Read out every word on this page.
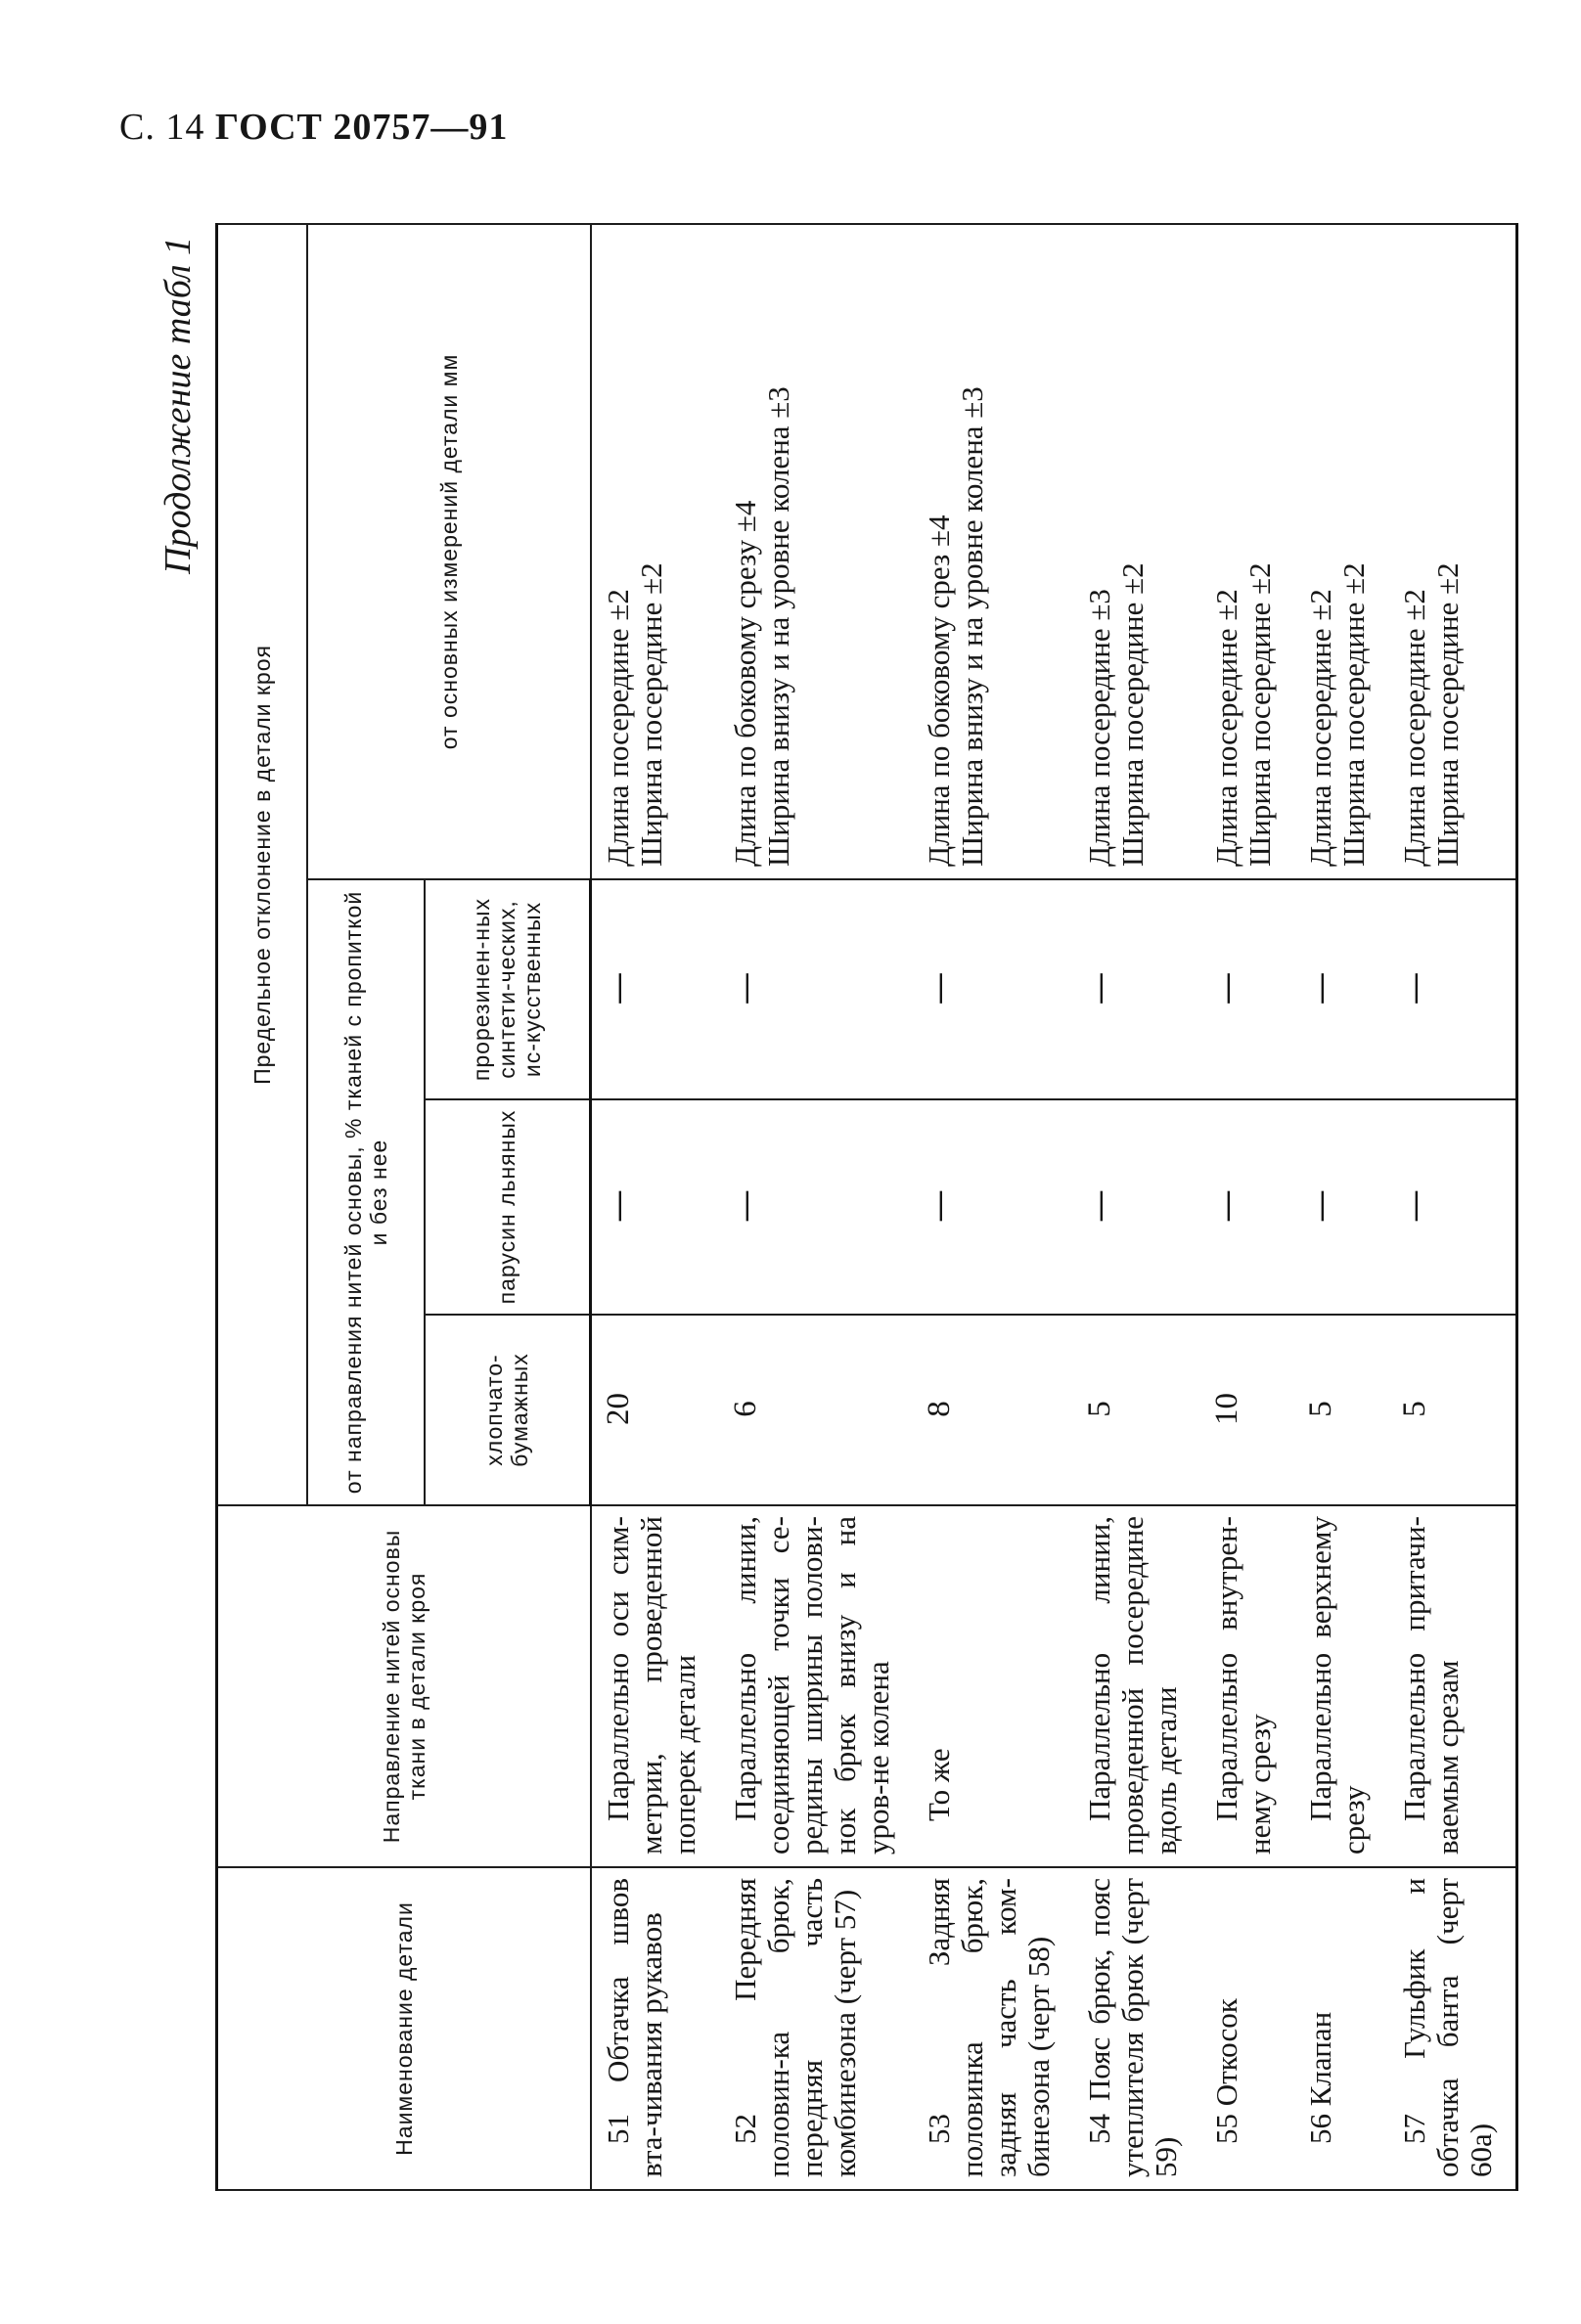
С. 14 ГОСТ 20757—91
Продолжение табл 1
Наименование детали	Направление нитей основы ткани в детали кроя	Предельное отклонение в детали кроя			
		от направления нитей основы, % тканей с пропиткой и без нее			от основных измерений детали мм
		хлопчато-бумажных	парусин льняных	прорезинен-ных синтети-ческих, ис-кусственных	
51 Обтачка швов вта-чивания рукавов	Параллельно оси сим-метрии, проведенной поперек детали	20	—	—	Длина посередине ±2 Ширина посередине ±2

52 Передняя половин-ка брюк, передняя часть комбинезона (черт 57)	Параллельно линии, соединяющей точки се-редины ширины полови-нок брюк внизу и на уров-не колена	6	—	—	Длина по боковому срезу ±4 Ширина внизу и на уровне колена ±3

53 Задняя половинка брюк, задняя часть ком-бинезона (черт 58)	То же	8	—	—	Длина по боковому срез ±4 Ширина внизу и на уровне колена ±3

54 Пояс брюк, пояс утеплителя брюк (черт 59)	Параллельно линии, проведенной посередине вдоль детали	5	—	—	Длина посередине ±3 Ширина посередине ±2

55 Откосок	Параллельно внутрен-нему срезу	10	—	—	Длина посередине ±2 Ширина посередине ±2

56 Клапан	Параллельно верхнему срезу	5	—	—	Длина посередине ±2 Ширина посередине ±2

57 Гульфик и обтачка банта (черт 60а)	Параллельно притачи-ваемым срезам	5	—	—	Длина посередине ±2 Ширина посередине ±2
